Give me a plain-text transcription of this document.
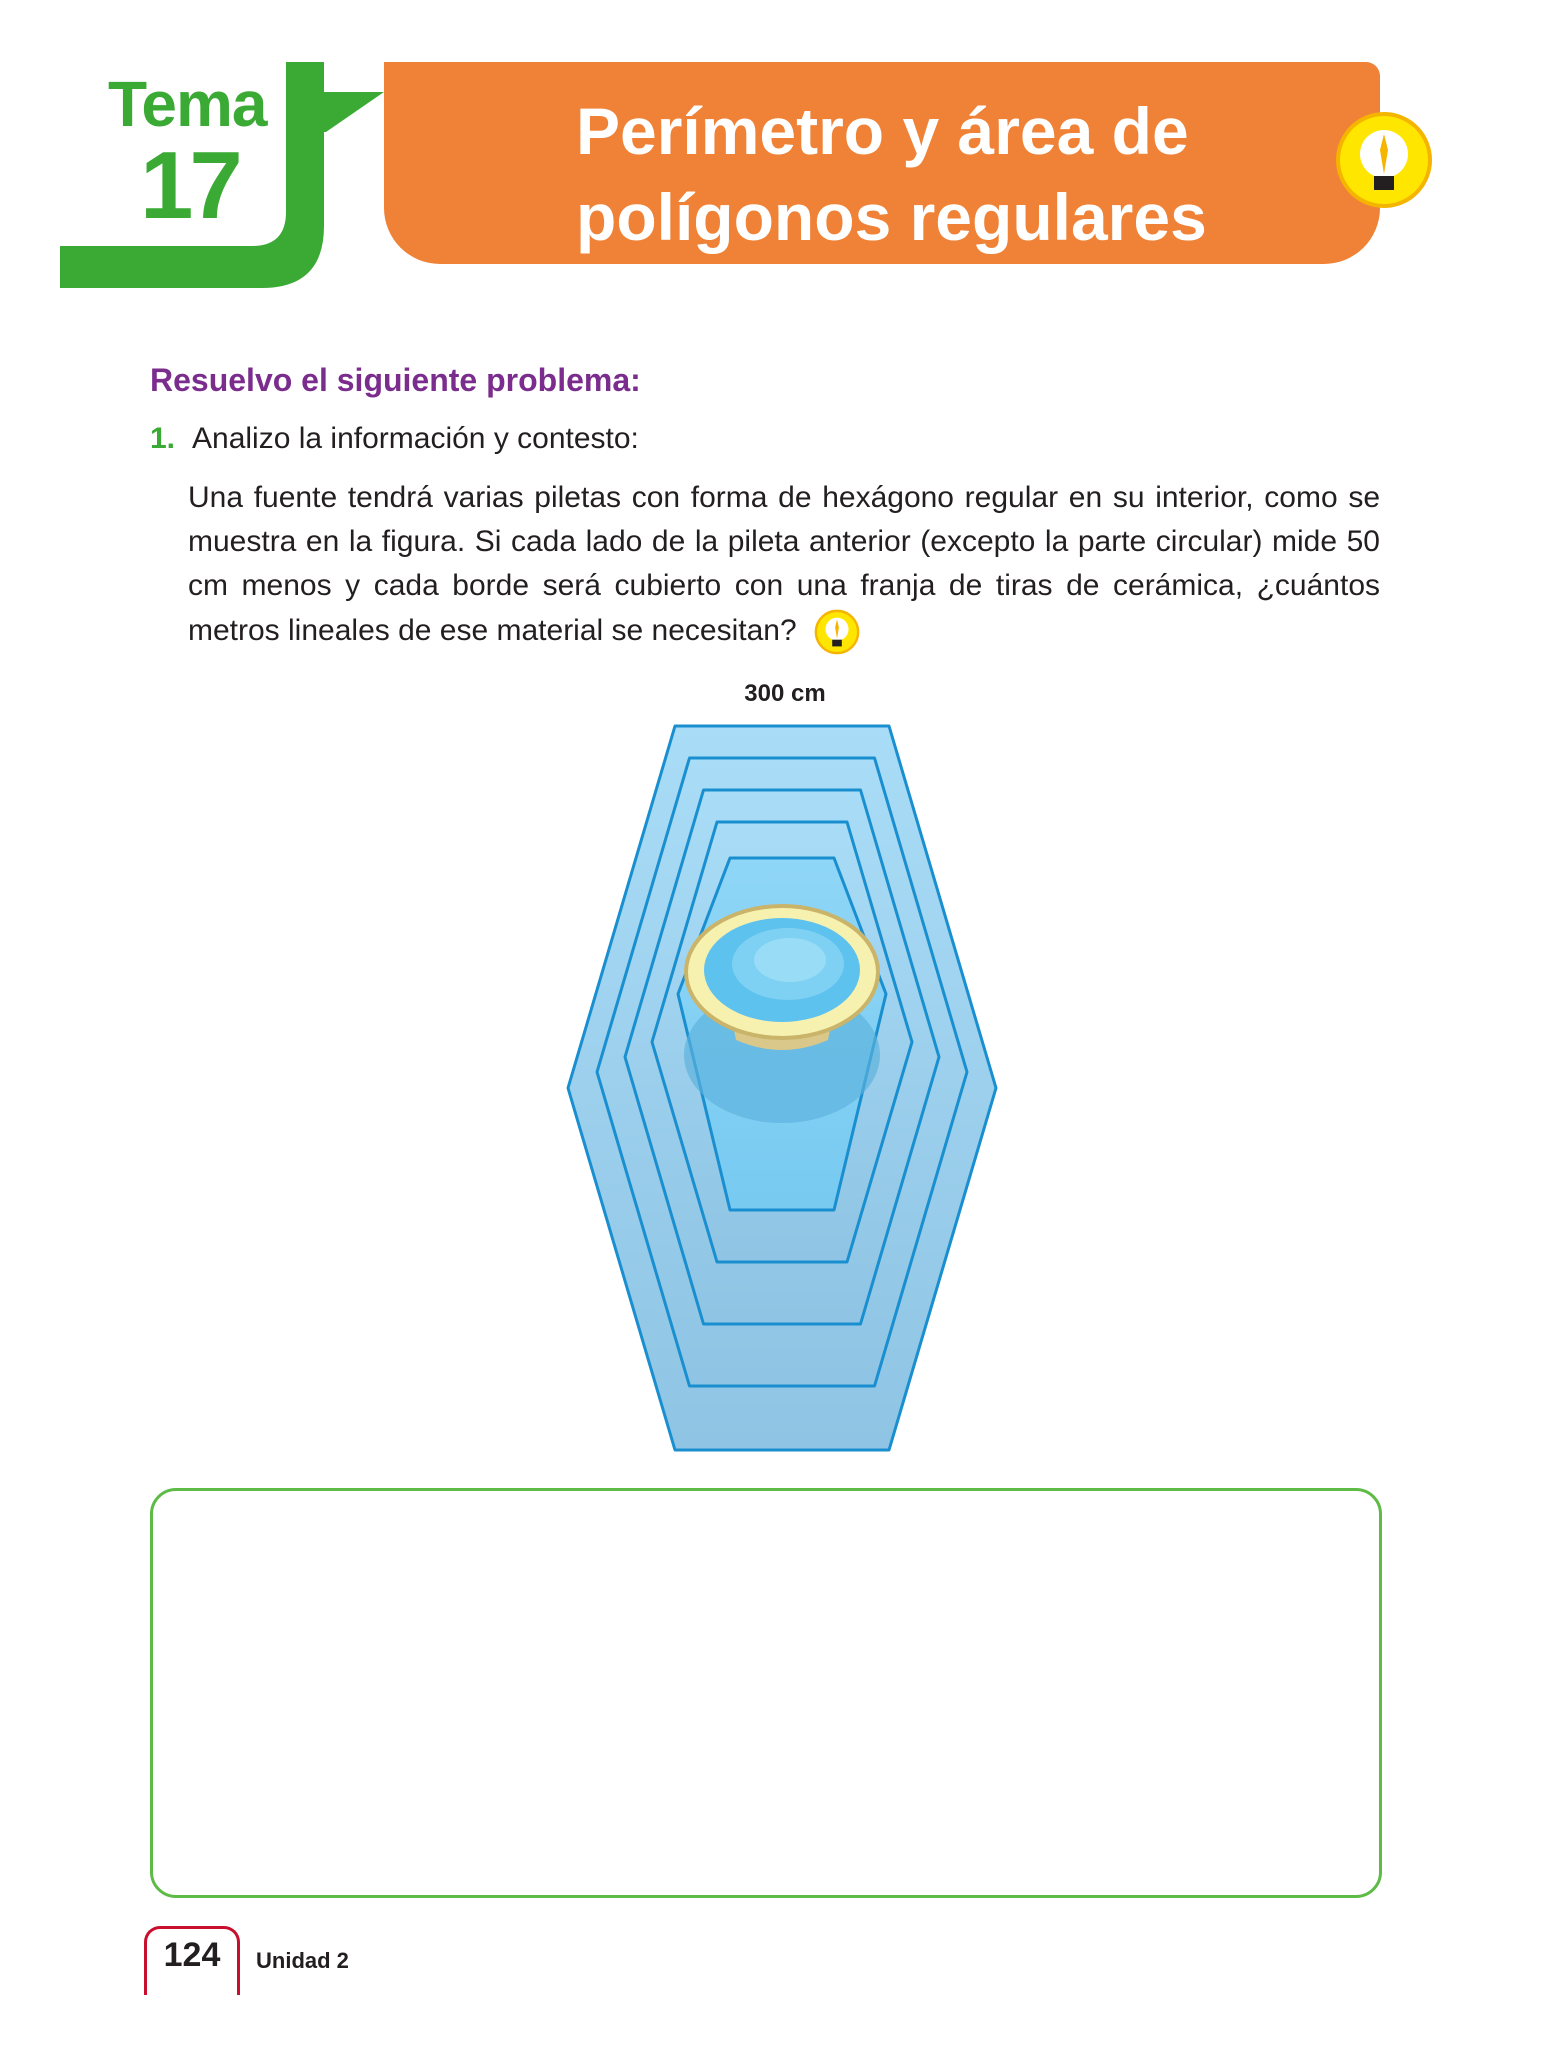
Tema
17
Perímetro y área de
polígonos regulares
Resuelvo el siguiente problema:
1. Analizo la información y contesto:
Una fuente tendrá varias piletas con forma de hexágono regular en su interior, como se muestra en la figura. Si cada lado de la pileta anterior (excepto la parte circular) mide 50 cm menos y cada borde será cubierto con una franja de tiras de cerámica, ¿cuántos metros lineales de ese material se necesitan?
300 cm
124	Unidad 2
